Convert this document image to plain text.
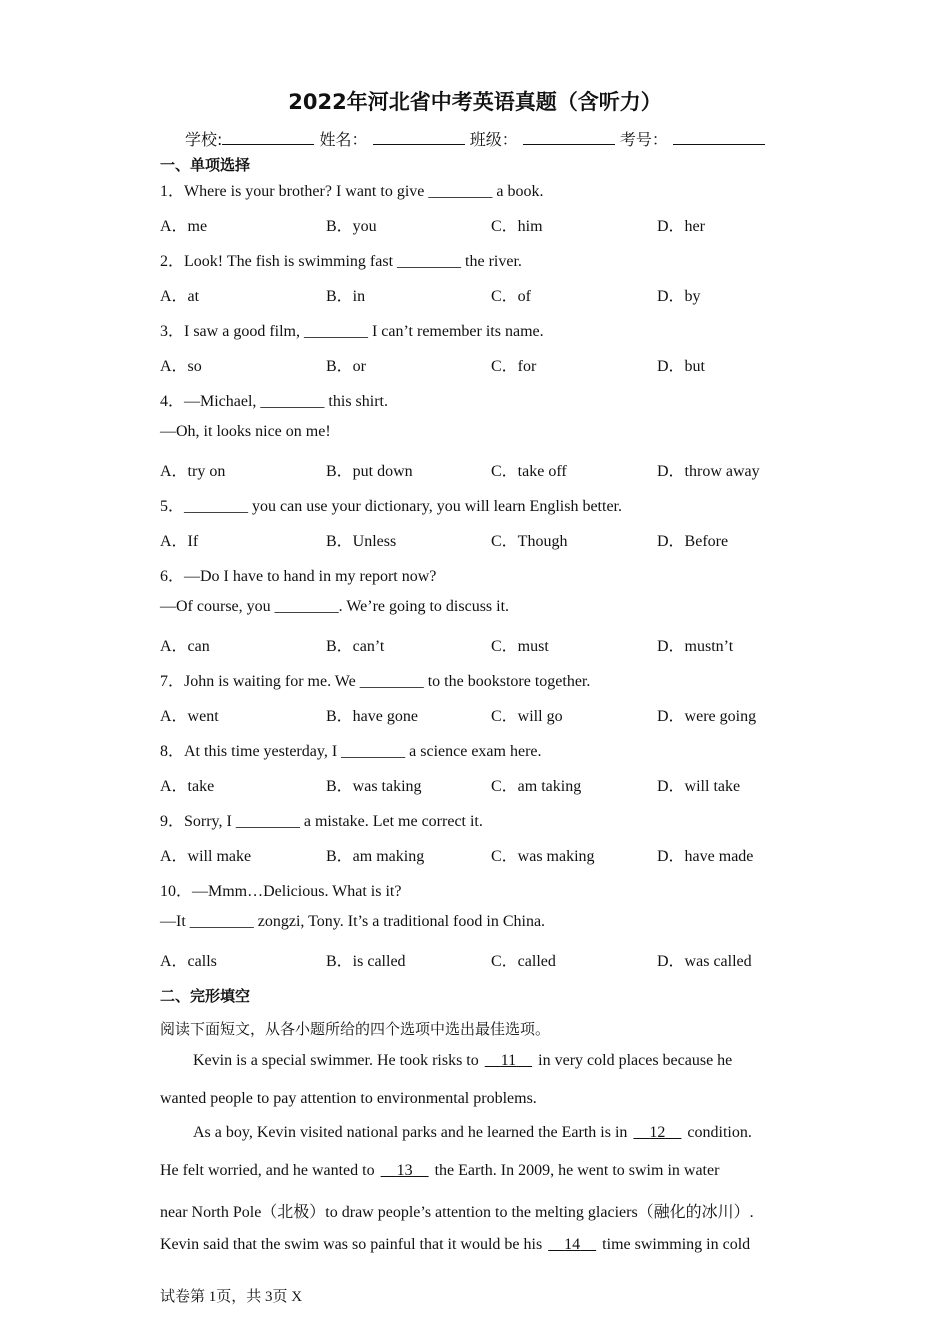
2022年河北省中考英语真题（含听力）
学校:	姓名：	班级：	考号：
一、单项选择
1．Where is your brother? I want to give ________ a book.
A．me	B．you	C．him	D．her
2．Look! The fish is swimming fast ________ the river.
A．at	B．in	C．of	D．by
3．I saw a good film, ________ I can’t remember its name.
A．so	B．or	C．for	D．but
4．—Michael, ________ this shirt.
—Oh, it looks nice on me!
A．try on	B．put down	C．take off	D．throw away
5．________ you can use your dictionary, you will learn English better.
A．If	B．Unless	C．Though	D．Before
6．—Do I have to hand in my report now?
—Of course, you ________. We’re going to discuss it.
A．can	B．can’t	C．must	D．mustn’t
7．John is waiting for me. We ________ to the bookstore together.
A．went	B．have gone	C．will go	D．were going
8．At this time yesterday, I ________ a science exam here.
A．take	B．was taking	C．am taking	D．will take
9．Sorry, I ________ a mistake. Let me correct it.
A．will make	B．am making	C．was making	D．have made
10．—Mmm…Delicious. What is it?
—It ________ zongzi, Tony. It’s a traditional food in China.
A．calls	B．is called	C．called	D．was called
二、完形填空
阅读下面短文，从各小题所给的四个选项中选出最佳选项。
Kevin is a special swimmer. He took risks to     11     in very cold places because he
wanted people to pay attention to environmental problems.
As a boy, Kevin visited national parks and he learned the Earth is in     12     condition.
He felt worried, and he wanted to     13     the Earth. In 2009, he went to swim in water
near North Pole（北极）to draw people’s attention to the melting glaciers（融化的冰川）.
Kevin said that the swim was so painful that it would be his     14     time swimming in cold
试卷第 1页，共 3页 X
